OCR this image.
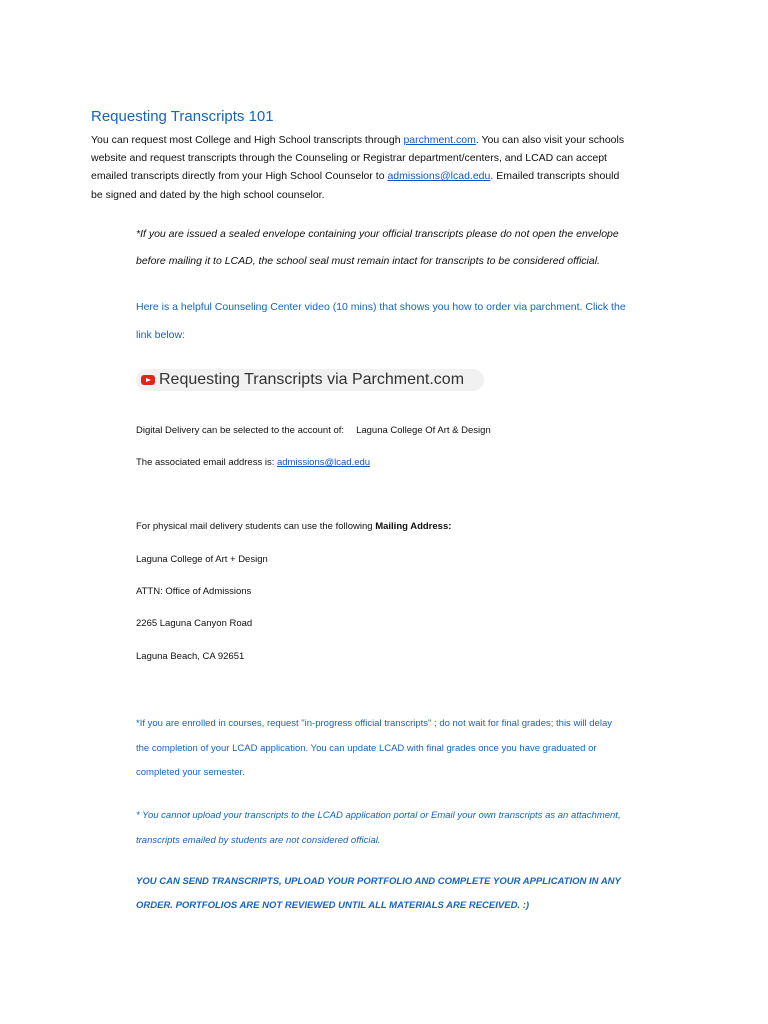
Requesting Transcripts 101

You can request most College and High School transcripts through parchment.com. You can also visit your schools
website and request transcripts through the Counseling or Registrar department/centers, and LCAD can accept
emailed transcripts directly from your High School Counselor to admissions@lcad.edu. Emailed transcripts should
be signed and dated by the high school counselor.

*If you are issued a sealed envelope containing your official transcripts please do not open the envelope
before mailing it to LCAD, the school seal must remain intact for transcripts to be considered official.

Here is a helpful Counseling Center video (10 mins) that shows you how to order via parchment. Click the
link below:

Requesting Transcripts via Parchment.com

Digital Delivery can be selected to the account of: Laguna College Of Art & Design

The associated email address is: admissions@lcad.edu

For physical mail delivery students can use the following Mailing Address:

Laguna College of Art + Design

ATTN: Office of Admissions

2265 Laguna Canyon Road

Laguna Beach, CA 92651

*If you are enrolled in courses, request "in-progress official transcripts" ; do not wait for final grades; this will delay
the completion of your LCAD application. You can update LCAD with final grades once you have graduated or
completed your semester.

* You cannot upload your transcripts to the LCAD application portal or Email your own transcripts as an attachment,
transcripts emailed by students are not considered official.

YOU CAN SEND TRANSCRIPTS, UPLOAD YOUR PORTFOLIO AND COMPLETE YOUR APPLICATION IN ANY
ORDER. PORTFOLIOS ARE NOT REVIEWED UNTIL ALL MATERIALS ARE RECEIVED. :)
